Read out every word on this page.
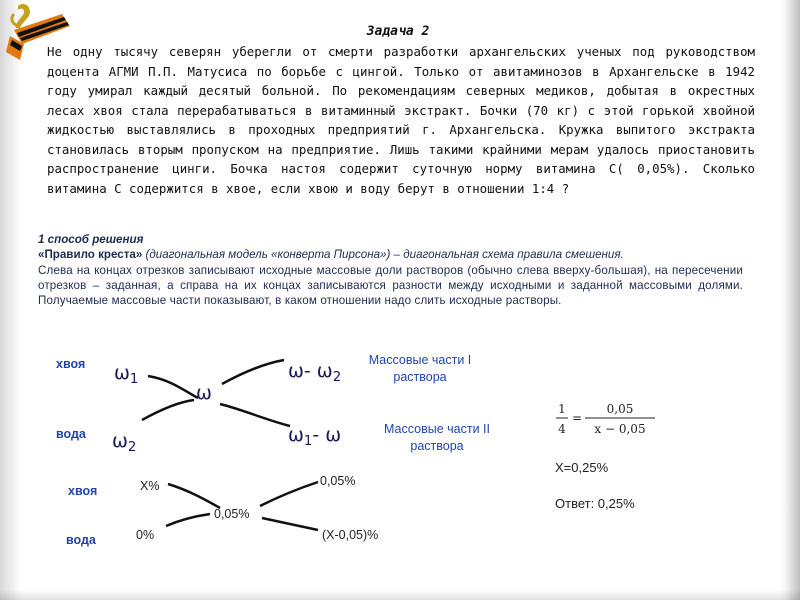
Задача 2
Не одну тысячу северян уберегли от смерти разработки архангельских ученых под руководством доцента АГМИ П.П. Матусиса по борьбе с цингой. Только от авитаминозов в Архангельске в 1942 году умирал каждый десятый больной. По рекомендациям северных медиков, добытая в окрестных лесах хвоя стала перерабатываться в витаминный экстракт. Бочки (70 кг) с этой горькой хвойной жидкостью выставлялись в проходных предприятий г. Архангельска. Кружка выпитого экстракта становилась вторым пропуском на предприятие. Лишь такими крайними мерам удалось приостановить распространение цинги. Бочка настоя содержит суточную норму витамина С( 0,05%). Сколько витамина С содержится в хвое, если хвою и воду берут в отношении 1:4 ?
1 способ решения
«Правило креста» (диагональная модель «конверта Пирсона») – диагональная схема правила смешения.
Слева на концах отрезков записывают исходные массовые доли растворов (обычно слева вверху-большая), на пересечении отрезков – заданная, а справа на их концах записываются разности между исходными и заданной массовыми долями. Получаемые массовые части показывают, в каком отношении надо слить исходные растворы.
хвоя
вода
$\omega_1$
$\omega_2$
ω
ω- $\omega_2$
$\omega_1-$ ω
Массовые части I
раствора
Массовые части II
раствора
хвоя
вода
Х%
0%
0,05%
0,05%
(Х-0,05)%
1
4
=
0,05
x − 0,05
Х=0,25%
Ответ: 0,25%
